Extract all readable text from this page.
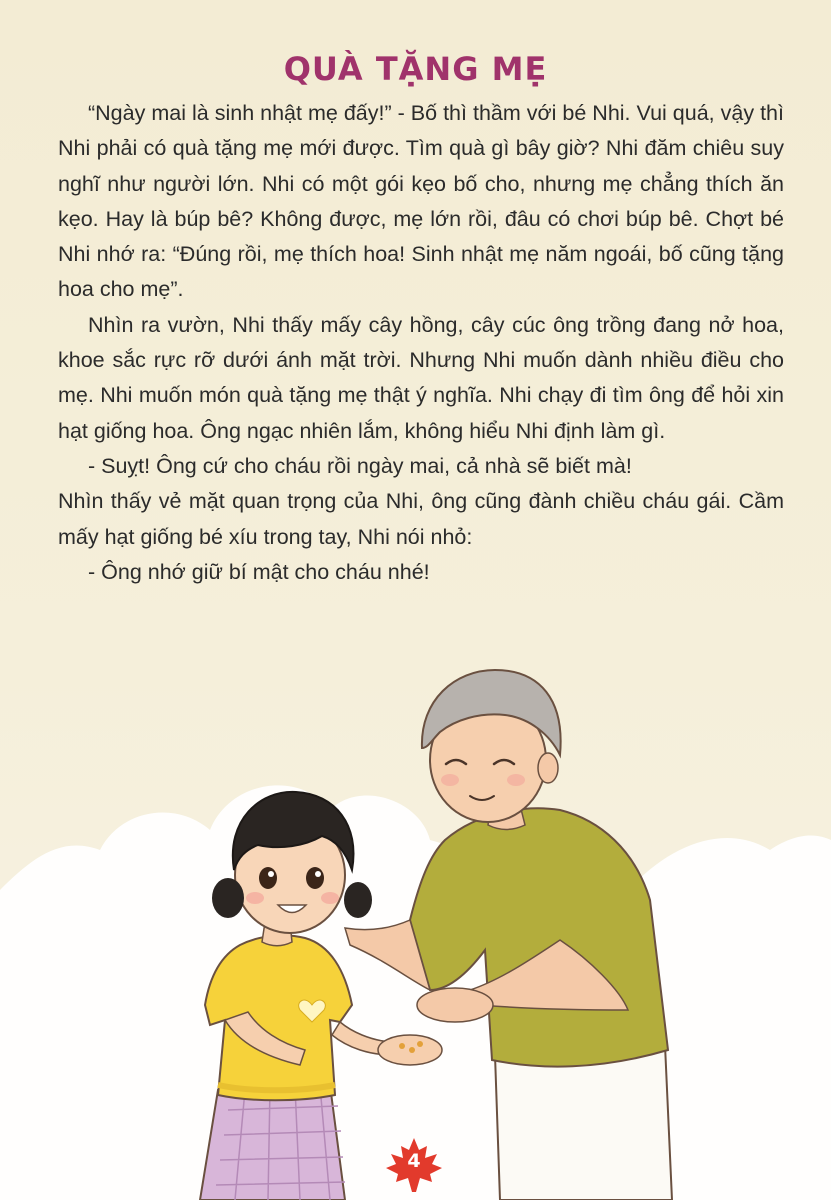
QUÀ TẶNG MẸ

“Ngày mai là sinh nhật mẹ đấy!” - Bố thì thầm với bé Nhi. Vui quá, vậy thì Nhi phải có quà tặng mẹ mới được. Tìm quà gì bây giờ? Nhi đăm chiêu suy nghĩ như người lớn. Nhi có một gói kẹo bố cho, nhưng mẹ chẳng thích ăn kẹo. Hay là búp bê? Không được, mẹ lớn rồi, đâu có chơi búp bê. Chợt bé Nhi nhớ ra: “Đúng rồi, mẹ thích hoa! Sinh nhật mẹ năm ngoái, bố cũng tặng hoa cho mẹ”.

Nhìn ra vườn, Nhi thấy mấy cây hồng, cây cúc ông trồng đang nở hoa, khoe sắc rực rỡ dưới ánh mặt trời. Nhưng Nhi muốn dành nhiều điều cho mẹ. Nhi muốn món quà tặng mẹ thật ý nghĩa. Nhi chạy đi tìm ông để hỏi xin hạt giống hoa. Ông ngạc nhiên lắm, không hiểu Nhi định làm gì.

- Suỵt! Ông cứ cho cháu rồi ngày mai, cả nhà sẽ biết mà!

Nhìn thấy vẻ mặt quan trọng của Nhi, ông cũng đành chiều cháu gái. Cầm mấy hạt giống bé xíu trong tay, Nhi nói nhỏ:

- Ông nhớ giữ bí mật cho cháu nhé!

4
